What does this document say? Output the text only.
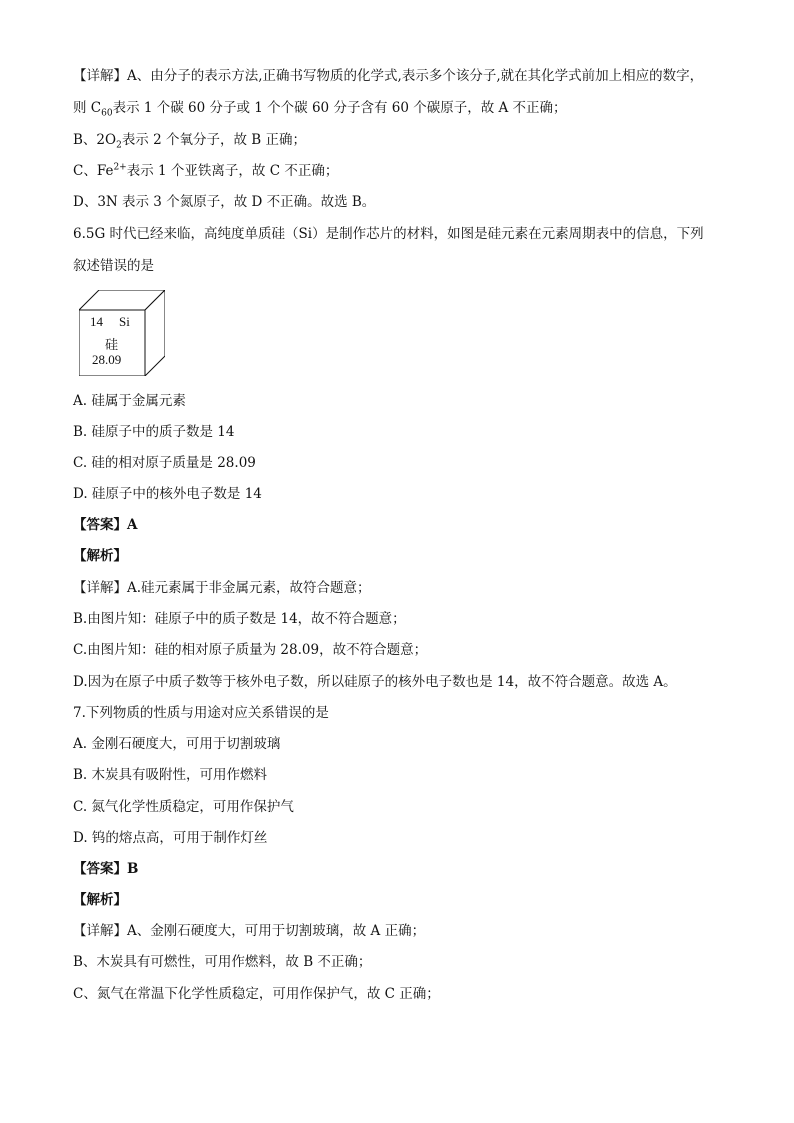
【详解】A、由分子的表示方法,正确书写物质的化学式,表示多个该分子,就在其化学式前加上相应的数字，
则 $C_{60}$表示 1 个碳 60 分子或 1 个个碳 60 分子含有 60 个碳原子，故 A 不正确；
B、$2O_2$表示 2 个氧分子，故 B 正确；
C、$Fe^{2+}$表示 1 个亚铁离子，故 C 不正确；
D、3N 表示 3 个氮原子，故 D 不正确。故选 B。
6.5G 时代已经来临，高纯度单质硅（Si）是制作芯片的材料，如图是硅元素在元素周期表中的信息，下列
叙述错误的是
14 Si
硅
28.09
A. 硅属于金属元素
B. 硅原子中的质子数是 14
C. 硅的相对原子质量是 28.09
D. 硅原子中的核外电子数是 14
【答案】A
【解析】
【详解】A.硅元素属于非金属元素，故符合题意；
B.由图片知：硅原子中的质子数是 14，故不符合题意；
C.由图片知：硅的相对原子质量为 28.09，故不符合题意；
D.因为在原子中质子数等于核外电子数，所以硅原子的核外电子数也是 14，故不符合题意。故选 A。
7.下列物质的性质与用途对应关系错误的是
A. 金刚石硬度大，可用于切割玻璃
B. 木炭具有吸附性，可用作燃料
C. 氮气化学性质稳定，可用作保护气
D. 钨的熔点高，可用于制作灯丝
【答案】B
【解析】
【详解】A、金刚石硬度大，可用于切割玻璃，故 A 正确；
B、木炭具有可燃性，可用作燃料，故 B 不正确；
C、氮气在常温下化学性质稳定，可用作保护气，故 C 正确；
